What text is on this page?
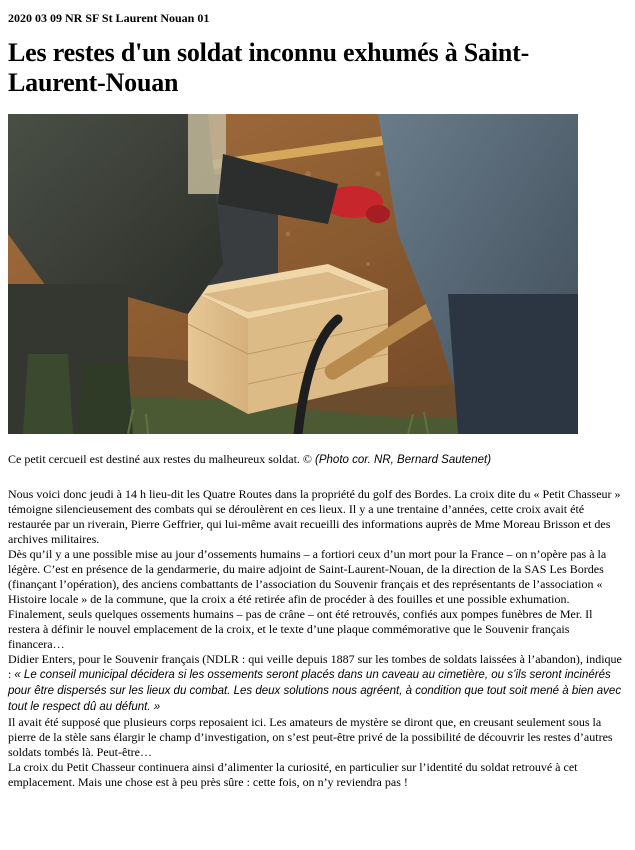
2020 03 09 NR SF St Laurent Nouan 01

Les restes d'un soldat inconnu exhumés à Saint-Laurent-Nouan
Ce petit cercueil est destiné aux restes du malheureux soldat. © (Photo cor. NR, Bernard Sautenet)

Nous voici donc jeudi à 14 h lieu-dit les Quatre Routes dans la propriété du golf des Bordes. La croix dite du « Petit Chasseur » témoigne silencieusement des combats qui se déroulèrent en ces lieux. Il y a une trentaine d’années, cette croix avait été restaurée par un riverain, Pierre Geffrier, qui lui-même avait recueilli des informations auprès de Mme Moreau Brisson et des archives militaires.

Dès qu’il y a une possible mise au jour d’ossements humains – a fortiori ceux d’un mort pour la France – on n’opère pas à la légère. C’est en présence de la gendarmerie, du maire adjoint de Saint-Laurent-Nouan, de la direction de la SAS Les Bordes (finançant l’opération), des anciens combattants de l’association du Souvenir français et des représentants de l’association « Histoire locale » de la commune, que la croix a été retirée afin de procéder à des fouilles et une possible exhumation.

Finalement, seuls quelques ossements humains – pas de crâne – ont été retrouvés, confiés aux pompes funèbres de Mer. Il restera à définir le nouvel emplacement de la croix, et le texte d’une plaque commémorative que le Souvenir français financera…

Didier Enters, pour le Souvenir français (NDLR : qui veille depuis 1887 sur les tombes de soldats laissées à l’abandon), indique : « Le conseil municipal décidera si les ossements seront placés dans un caveau au cimetière, ou s’ils seront incinérés pour être dispersés sur les lieux du combat. Les deux solutions nous agréent, à condition que tout soit mené à bien avec tout le respect dû au défunt. »

Il avait été supposé que plusieurs corps reposaient ici. Les amateurs de mystère se diront que, en creusant seulement sous la pierre de la stèle sans élargir le champ d’investigation, on s’est peut-être privé de la possibilité de découvrir les restes d’autres soldats tombés là. Peut-être…

La croix du Petit Chasseur continuera ainsi d’alimenter la curiosité, en particulier sur l’identité du soldat retrouvé à cet emplacement. Mais une chose est à peu près sûre : cette fois, on n’y reviendra pas !
